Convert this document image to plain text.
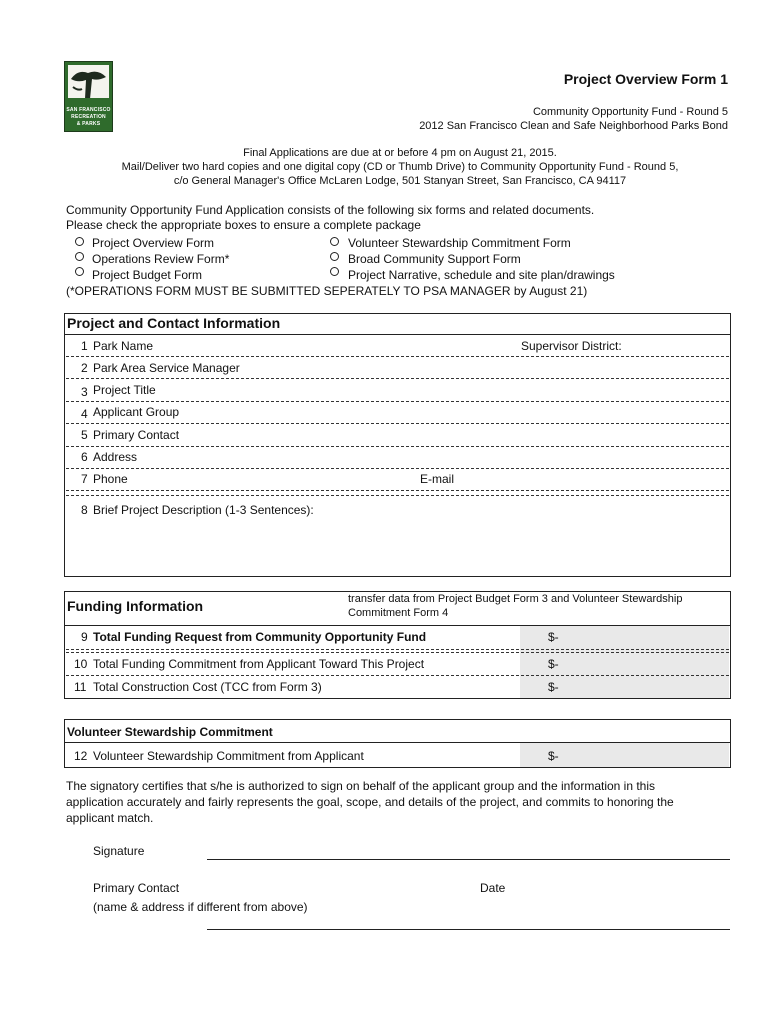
SAN FRANCISCO
RECREATION
& PARKS
Project Overview Form 1
Community Opportunity Fund - Round 5
2012 San Francisco Clean and Safe Neighborhood Parks Bond
Final Applications are due at or before 4 pm on August 21, 2015.
Mail/Deliver two hard copies and one digital copy (CD or Thumb Drive) to Community Opportunity Fund - Round 5,
c/o General Manager's Office McLaren Lodge, 501 Stanyan Street, San Francisco, CA 94117
Community Opportunity Fund Application consists of the following six forms and related documents.
Please check the appropriate boxes to ensure a complete package
Project Overview Form
Operations Review Form*
Project Budget Form
Volunteer Stewardship Commitment Form
Broad Community Support Form
Project Narrative, schedule and site plan/drawings
(*OPERATIONS FORM MUST BE SUBMITTED SEPERATELY TO PSA MANAGER by August 21)
Project and Contact Information
1 Park Name	Supervisor District:
2 Park Area Service Manager
3 Project Title
4 Applicant Group
5 Primary Contact
6 Address
7 Phone	E-mail
8 Brief Project Description (1-3 Sentences):
Funding Information	transfer data from Project Budget Form 3 and Volunteer Stewardship
Commitment Form 4
9 Total Funding Request from Community Opportunity Fund	$-
10 Total Funding Commitment from Applicant Toward This Project	$-
11 Total Construction Cost (TCC from Form 3)	$-
Volunteer Stewardship Commitment
12 Volunteer Stewardship Commitment from Applicant	$-
The signatory certifies that s/he is authorized to sign on behalf of the applicant group and the information in this
application accurately and fairly represents the goal, scope, and details of the project, and commits to honoring the
applicant match.
Signature
Primary Contact	Date
(name & address if different from above)
